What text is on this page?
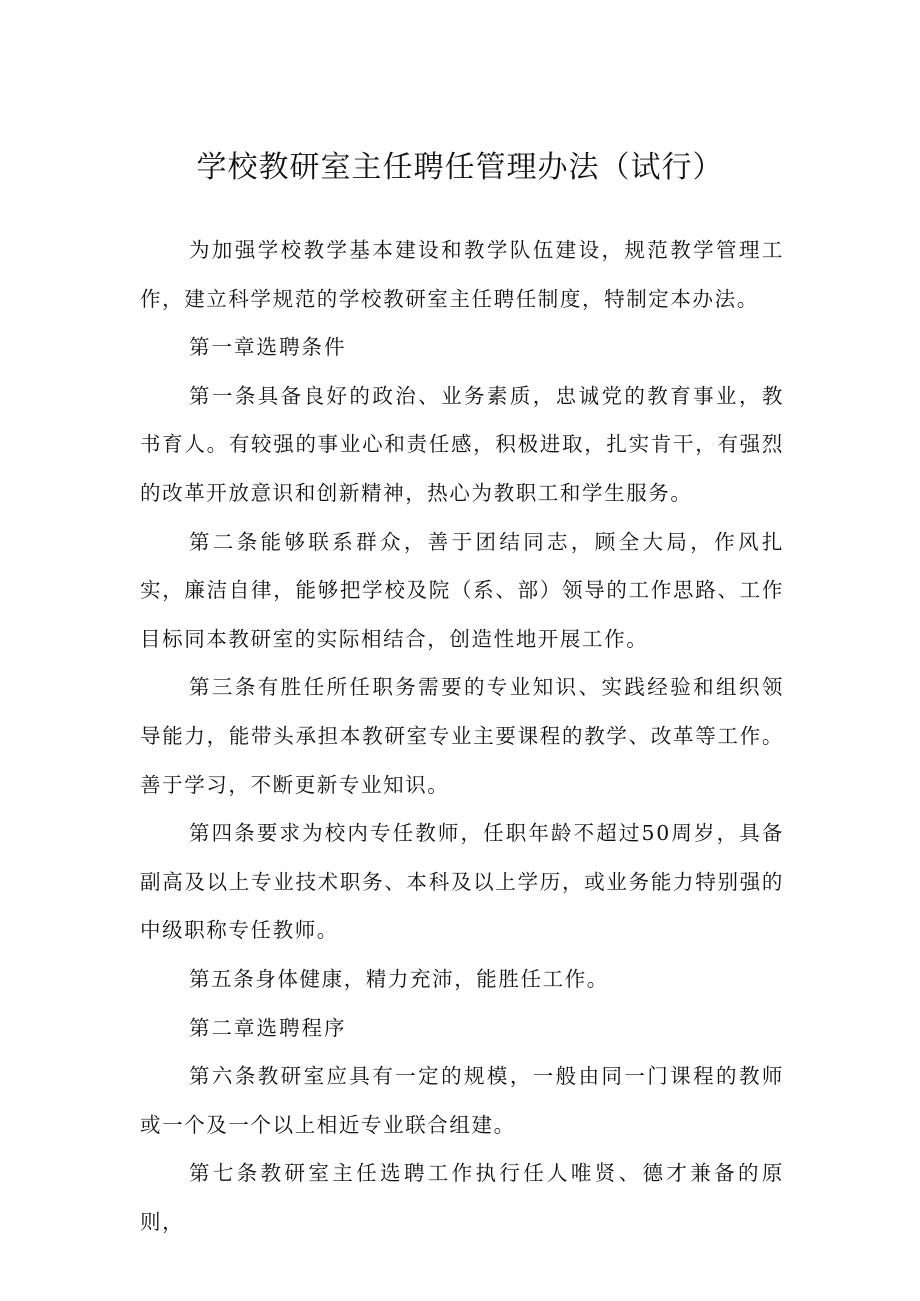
学校教研室主任聘任管理办法（试行）

为加强学校教学基本建设和教学队伍建设，规范教学管理工作，建立科学规范的学校教研室主任聘任制度，特制定本办法。

第一章选聘条件

第一条具备良好的政治、业务素质，忠诚党的教育事业，教书育人。有较强的事业心和责任感，积极进取，扎实肯干，有强烈的改革开放意识和创新精神，热心为教职工和学生服务。

第二条能够联系群众，善于团结同志，顾全大局，作风扎实，廉洁自律，能够把学校及院（系、部）领导的工作思路、工作目标同本教研室的实际相结合，创造性地开展工作。

第三条有胜任所任职务需要的专业知识、实践经验和组织领导能力，能带头承担本教研室专业主要课程的教学、改革等工作。善于学习，不断更新专业知识。

第四条要求为校内专任教师，任职年龄不超过50周岁，具备副高及以上专业技术职务、本科及以上学历，或业务能力特别强的中级职称专任教师。

第五条身体健康，精力充沛，能胜任工作。

第二章选聘程序

第六条教研室应具有一定的规模，一般由同一门课程的教师或一个及一个以上相近专业联合组建。

第七条教研室主任选聘工作执行任人唯贤、德才兼备的原则，
